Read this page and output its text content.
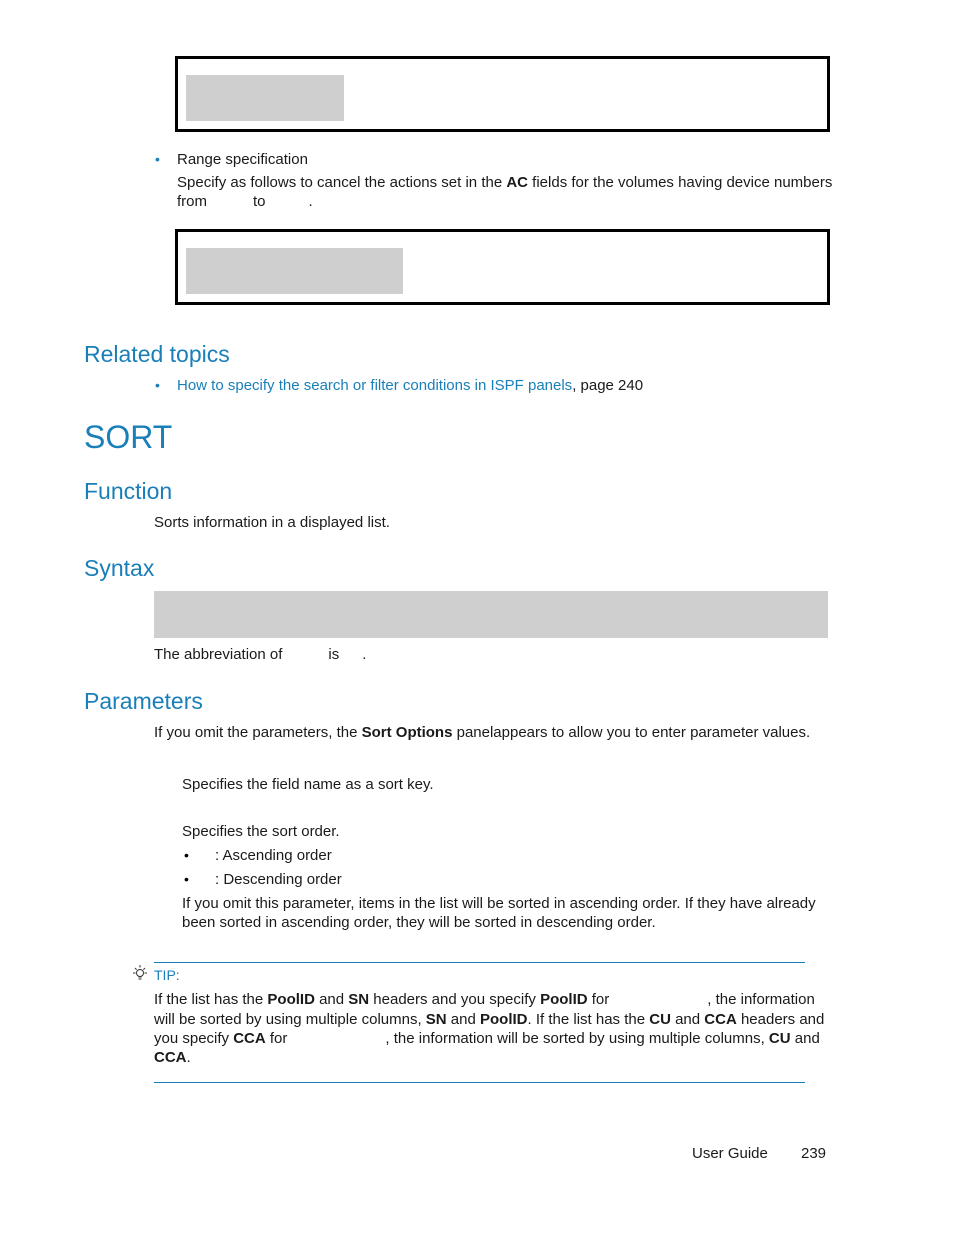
• Range specification
Specify as follows to cancel the actions set in the AC fields for the volumes having device numbers
from	to	.
Related topics
• How to specify the search or filter conditions in ISPF panels, page 240
SORT
Function
Sorts information in a displayed list.
Syntax
The abbreviation of	is .
Parameters
If you omit the parameters, the Sort Options panelappears to allow you to enter parameter values.
Specifies the field name as a sort key.
Specifies the sort order.
• : Ascending order
• : Descending order
If you omit this parameter, items in the list will be sorted in ascending order. If they have already
been sorted in ascending order, they will be sorted in descending order.
TIP:
If the list has the PoolID and SN headers and you specify PoolID for	, the information
will be sorted by using multiple columns, SN and PoolID. If the list has the CU and CCA headers and
you specify CCA for	, the information will be sorted by using multiple columns, CU and
CCA.
User Guide 239
